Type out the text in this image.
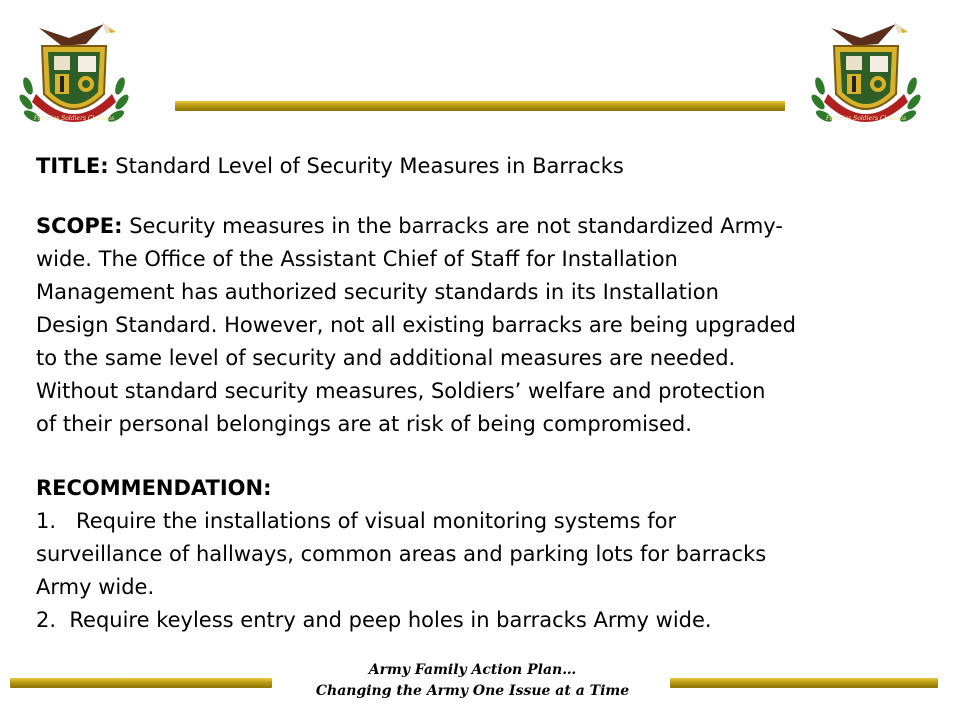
Families Soldiers Civilians	Families Soldiers Civilians
TITLE: Standard Level of Security Measures in Barracks
SCOPE: Security measures in the barracks are not standardized Army-
wide. The Office of the Assistant Chief of Staff for Installation
Management has authorized security standards in its Installation
Design Standard. However, not all existing barracks are being upgraded
to the same level of security and additional measures are needed.
Without standard security measures, Soldiers’ welfare and protection
of their personal belongings are at risk of being compromised.
RECOMMENDATION:
1.   Require the installations of visual monitoring systems for
surveillance of hallways, common areas and parking lots for barracks
Army wide.
2.  Require keyless entry and peep holes in barracks Army wide.
Army Family Action Plan…
Changing the Army One Issue at a Time
